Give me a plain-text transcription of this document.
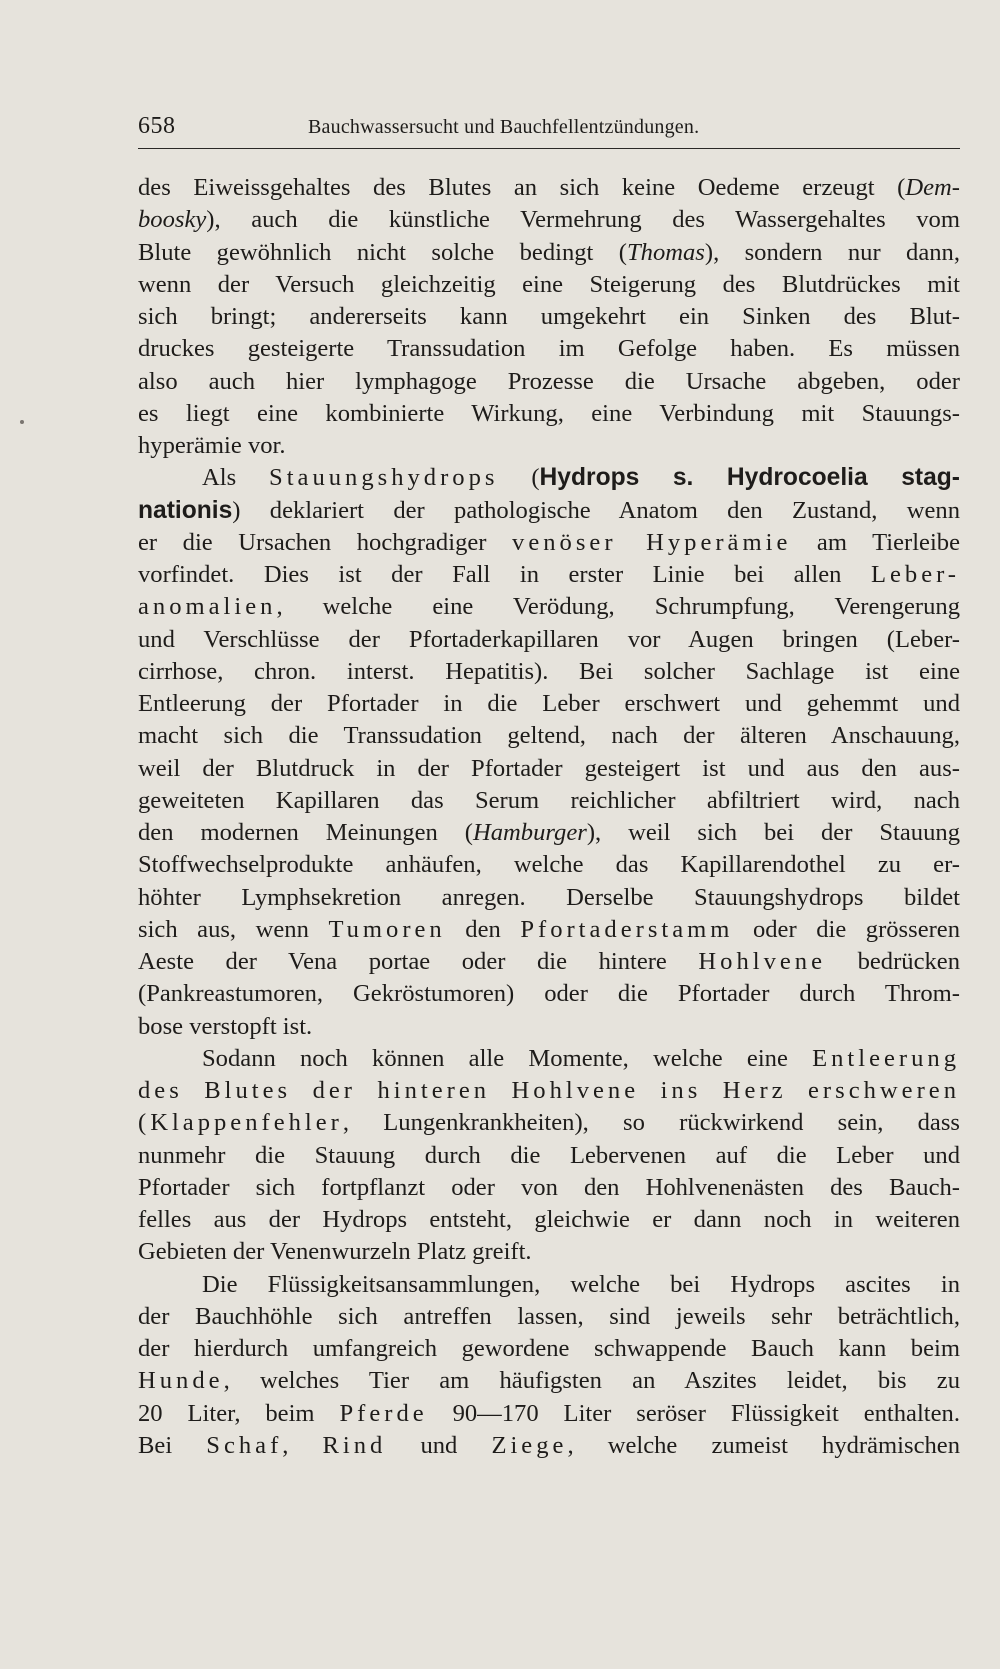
658	Bauchwassersucht und Bauchfellentzündungen.
des Eiweissgehaltes des Blutes an sich keine Oedeme erzeugt (Dem-
boosky), auch die künstliche Vermehrung des Wassergehaltes vom
Blute gewöhnlich nicht solche bedingt (Thomas), sondern nur dann,
wenn der Versuch gleichzeitig eine Steigerung des Blutdrückes mit
sich bringt; andererseits kann umgekehrt ein Sinken des Blut-
druckes gesteigerte Transsudation im Gefolge haben. Es müssen
also auch hier lymphagoge Prozesse die Ursache abgeben, oder
es liegt eine kombinierte Wirkung, eine Verbindung mit Stauungs-
hyperämie vor.
Als Stauungshydrops (Hydrops s. Hydrocoelia stag-
nationis) deklariert der pathologische Anatom den Zustand, wenn
er die Ursachen hochgradiger venöser Hyperämie am Tierleibe
vorfindet. Dies ist der Fall in erster Linie bei allen Leber-
anomalien, welche eine Verödung, Schrumpfung, Verengerung
und Verschlüsse der Pfortaderkapillaren vor Augen bringen (Leber-
cirrhose, chron. interst. Hepatitis). Bei solcher Sachlage ist eine
Entleerung der Pfortader in die Leber erschwert und gehemmt und
macht sich die Transsudation geltend, nach der älteren Anschauung,
weil der Blutdruck in der Pfortader gesteigert ist und aus den aus-
geweiteten Kapillaren das Serum reichlicher abfiltriert wird, nach
den modernen Meinungen (Hamburger), weil sich bei der Stauung
Stoffwechselprodukte anhäufen, welche das Kapillarendothel zu er-
höhter Lymphsekretion anregen. Derselbe Stauungshydrops bildet
sich aus, wenn Tumoren den Pfortaderstamm oder die grösseren
Aeste der Vena portae oder die hintere Hohlvene bedrücken
(Pankreastumoren, Gekröstumoren) oder die Pfortader durch Throm-
bose verstopft ist.
Sodann noch können alle Momente, welche eine Entleerung
des Blutes der hinteren Hohlvene ins Herz erschweren
(Klappenfehler, Lungenkrankheiten), so rückwirkend sein, dass
nunmehr die Stauung durch die Lebervenen auf die Leber und
Pfortader sich fortpflanzt oder von den Hohlvenenästen des Bauch-
felles aus der Hydrops entsteht, gleichwie er dann noch in weiteren
Gebieten der Venenwurzeln Platz greift.
Die Flüssigkeitsansammlungen, welche bei Hydrops ascites in
der Bauchhöhle sich antreffen lassen, sind jeweils sehr beträchtlich,
der hierdurch umfangreich gewordene schwappende Bauch kann beim
Hunde, welches Tier am häufigsten an Aszites leidet, bis zu
20 Liter, beim Pferde 90—170 Liter seröser Flüssigkeit enthalten.
Bei Schaf, Rind und Ziege, welche zumeist hydrämischen
